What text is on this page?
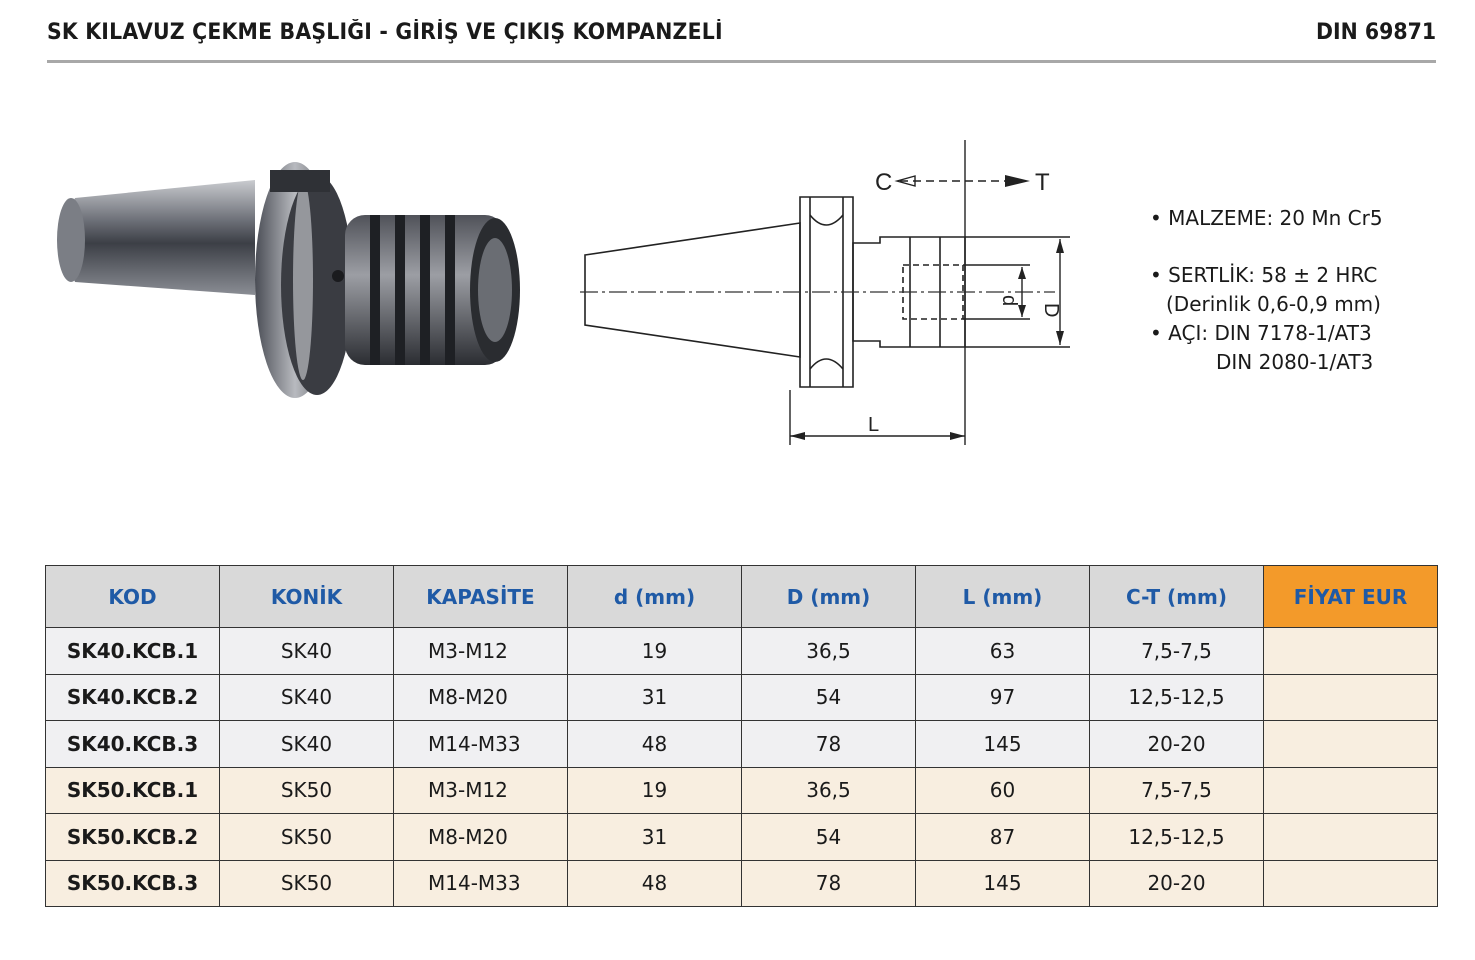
SK KILAVUZ ÇEKME BAŞLIĞI - GİRİŞ VE ÇIKIŞ KOMPANZELİ	DIN 69871
C	T
L
D
d
• MALZEME: 20 Mn Cr5
• SERTLİK: 58 ± 2 HRC
(Derinlik 0,6-0,9 mm)
• AÇI: DIN 7178-1/AT3
DIN 2080-1/AT3
KOD	KONİK	KAPASİTE	d (mm)	D (mm)	L (mm)	C-T (mm)	FİYAT EUR
SK40.KCB.1	SK40	M3-M12	19	36,5	63	7,5-7,5	
SK40.KCB.2	SK40	M8-M20	31	54	97	12,5-12,5	
SK40.KCB.3	SK40	M14-M33	48	78	145	20-20	
SK50.KCB.1	SK50	M3-M12	19	36,5	60	7,5-7,5	
SK50.KCB.2	SK50	M8-M20	31	54	87	12,5-12,5	
SK50.KCB.3	SK50	M14-M33	48	78	145	20-20	
